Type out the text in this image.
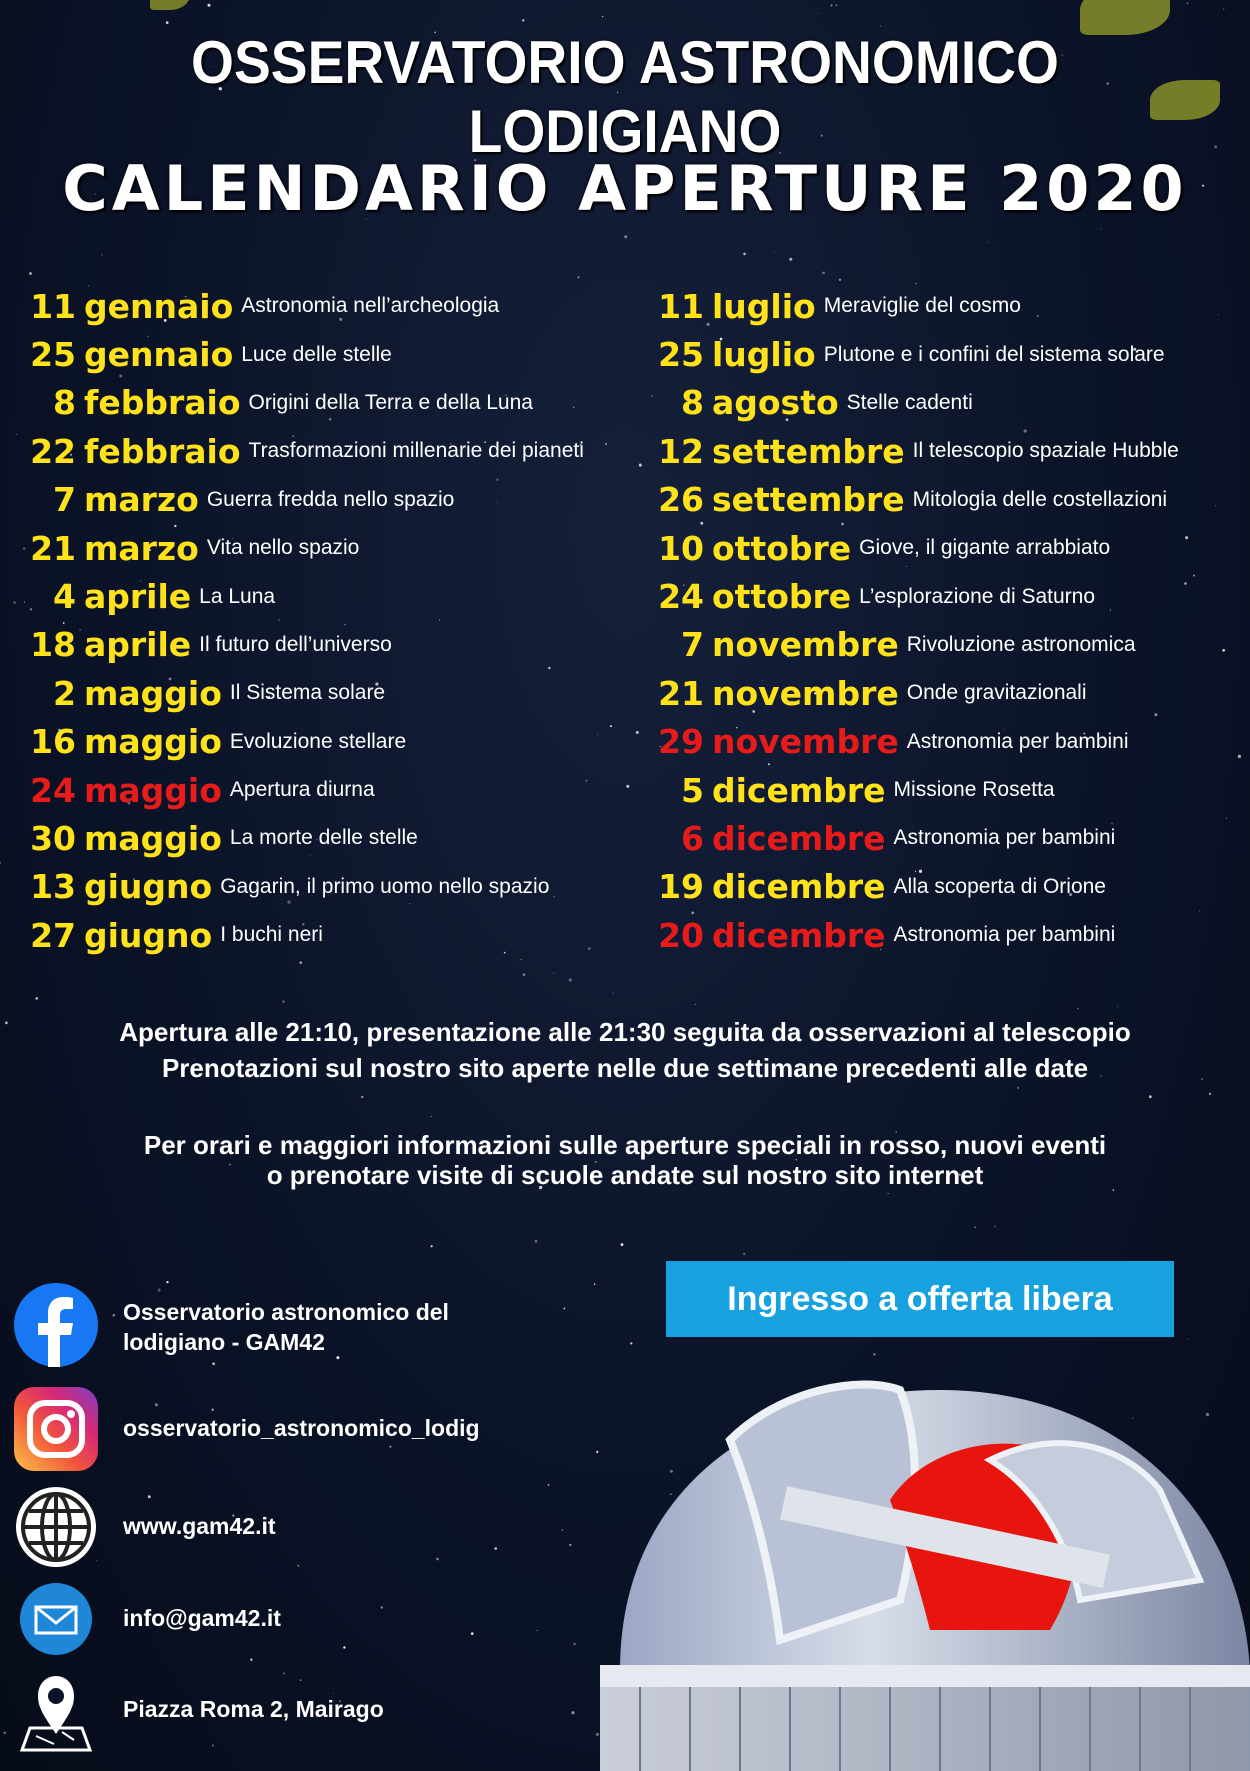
OSSERVATORIO ASTRONOMICO LODIGIANO
CALENDARIO APERTURE 2020
11 gennaio Astronomia nell’archeologia
25 gennaio Luce delle stelle
8 febbraio Origini della Terra e della Luna
22 febbraio Trasformazioni millenarie dei pianeti
7 marzo Guerra fredda nello spazio
21 marzo Vita nello spazio
4 aprile La Luna
18 aprile Il futuro dell’universo
2 maggio Il Sistema solare
16 maggio Evoluzione stellare
24 maggio Apertura diurna
30 maggio La morte delle stelle
13 giugno Gagarin, il primo uomo nello spazio
27 giugno I buchi neri
11 luglio Meraviglie del cosmo
25 luglio Plutone e i confini del sistema solare
8 agosto Stelle cadenti
12 settembre Il telescopio spaziale Hubble
26 settembre Mitologia delle costellazioni
10 ottobre Giove, il gigante arrabbiato
24 ottobre L’esplorazione di Saturno
7 novembre Rivoluzione astronomica
21 novembre Onde gravitazionali
29 novembre Astronomia per bambini
5 dicembre Missione Rosetta
6 dicembre Astronomia per bambini
19 dicembre Alla scoperta di Orione
20 dicembre Astronomia per bambini
Apertura alle 21:10, presentazione alle 21:30 seguita da osservazioni al telescopio
Prenotazioni sul nostro sito aperte nelle due settimane precedenti alle date
Per orari e maggiori informazioni sulle aperture speciali in rosso, nuovi eventi
o prenotare visite di scuole andate sul nostro sito internet
Ingresso a offerta libera
Osservatorio astronomico del
lodigiano - GAM42
osservatorio_astronomico_lodig
www.gam42.it
info@gam42.it
Piazza Roma 2, Mairago
